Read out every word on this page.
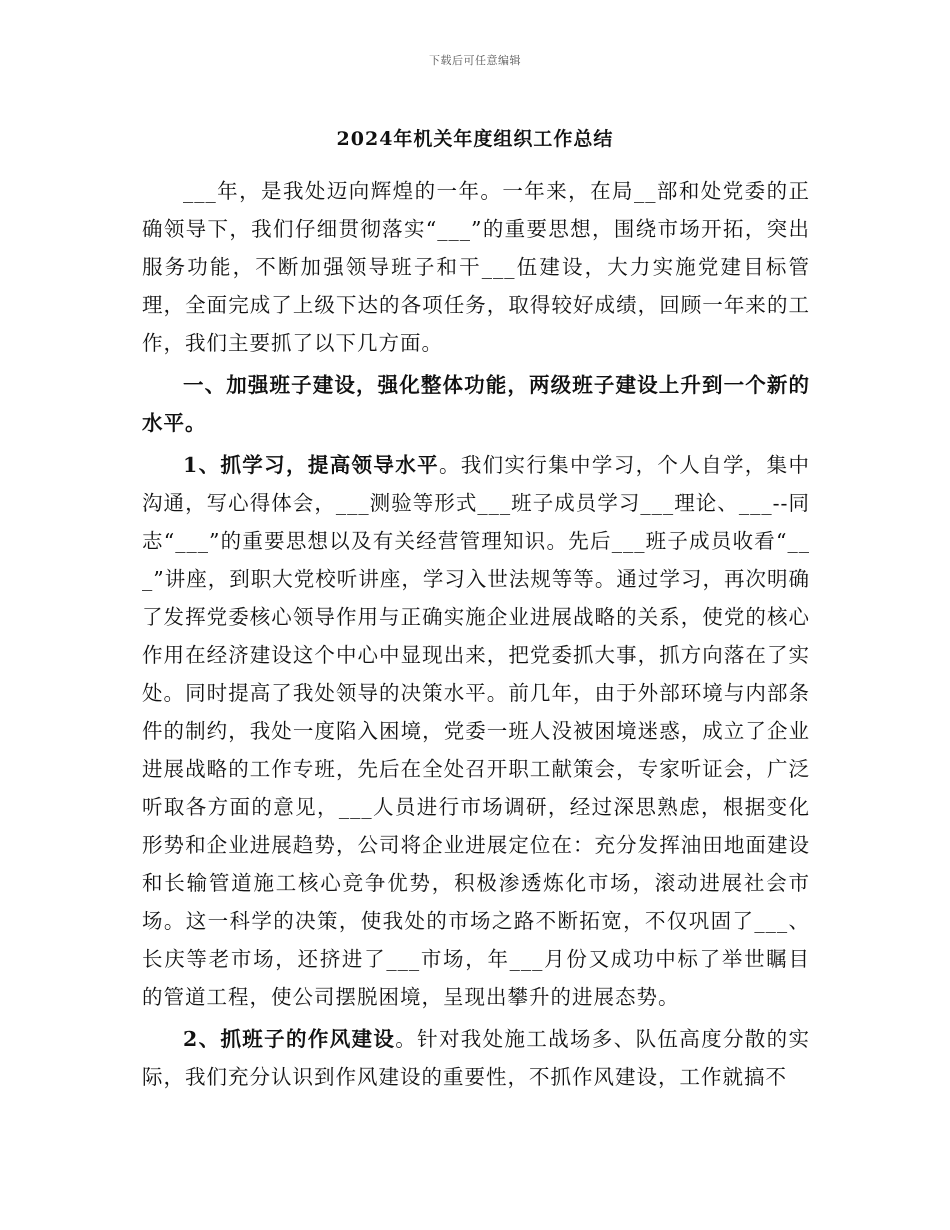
下载后可任意编辑
2024年机关年度组织工作总结

___年，是我处迈向辉煌的一年。一年来，在局__部和处党委的正确领导下，我们仔细贯彻落实“___”的重要思想，围绕市场开拓，突出服务功能，不断加强领导班子和干___伍建设，大力实施党建目标管理，全面完成了上级下达的各项任务，取得较好成绩，回顾一年来的工作，我们主要抓了以下几方面。

一、加强班子建设，强化整体功能，两级班子建设上升到一个新的水平。

1、抓学习，提高领导水平。我们实行集中学习，个人自学，集中沟通，写心得体会，___测验等形式___班子成员学习___理论、___--同志“___”的重要思想以及有关经营管理知识。先后___班子成员收看“___”讲座，到职大党校听讲座，学习入世法规等等。通过学习，再次明确了发挥党委核心领导作用与正确实施企业进展战略的关系，使党的核心作用在经济建设这个中心中显现出来，把党委抓大事，抓方向落在了实处。同时提高了我处领导的决策水平。前几年，由于外部环境与内部条件的制约，我处一度陷入困境，党委一班人没被困境迷惑，成立了企业进展战略的工作专班，先后在全处召开职工献策会，专家听证会，广泛听取各方面的意见，___人员进行市场调研，经过深思熟虑，根据变化形势和企业进展趋势，公司将企业进展定位在：充分发挥油田地面建设和长输管道施工核心竞争优势，积极渗透炼化市场，滚动进展社会市场。这一科学的决策，使我处的市场之路不断拓宽，不仅巩固了___、长庆等老市场，还挤进了___市场，年___月份又成功中标了举世瞩目的管道工程，使公司摆脱困境，呈现出攀升的进展态势。

2、抓班子的作风建设。针对我处施工战场多、队伍高度分散的实际，我们充分认识到作风建设的重要性，不抓作风建设，工作就搞不
